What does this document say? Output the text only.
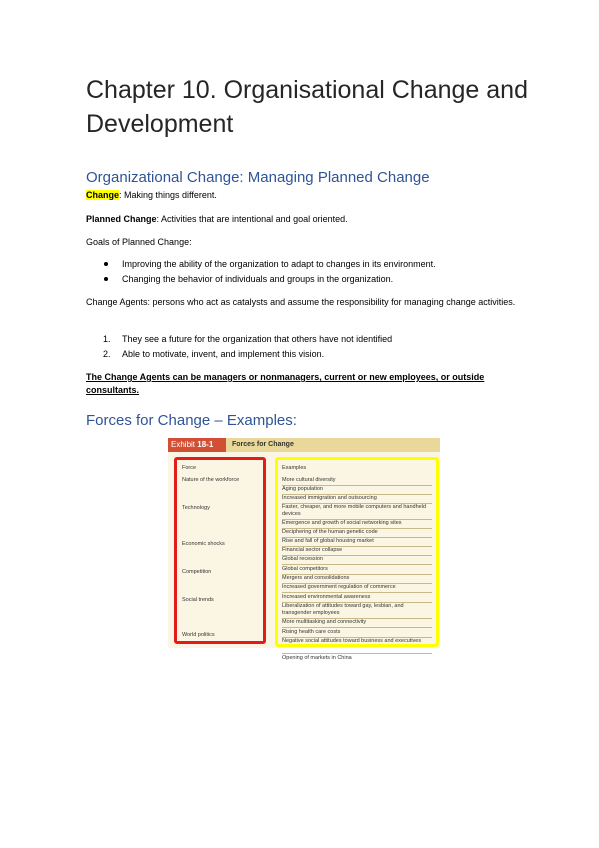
Chapter 10. Organisational Change and Development
Organizational Change: Managing Planned Change
Change: Making things different.
Planned Change: Activities that are intentional and goal oriented.
Goals of Planned Change:
Improving the ability of the organization to adapt to changes in its environment.
Changing the behavior of individuals and groups in the organization.
Change Agents: persons who act as catalysts and assume the responsibility for managing change activities.
1. They see a future for the organization that others have not identified
2. Able to motivate, invent, and implement this vision.
The Change Agents can be managers or nonmanagers, current or new employees, or outside consultants.
Forces for Change – Examples:
Exhibit 18-1	Forces for Change
Force	Examples
Nature of the workforce
Technology
Economic shocks
Competition
Social trends
World politics
More cultural diversity
Aging population
Increased immigration and outsourcing
Faster, cheaper, and more mobile computers and handheld devices
Emergence and growth of social networking sites
Deciphering of the human genetic code
Rise and fall of global housing market
Financial sector collapse
Global recession
Global competitors
Mergers and consolidations
Increased government regulation of commerce
Increased environmental awareness
Liberalization of attitudes toward gay, lesbian, and transgender employees
More multitasking and connectivity
Rising health care costs
Negative social attitudes toward business and executives
Opening of markets in China
